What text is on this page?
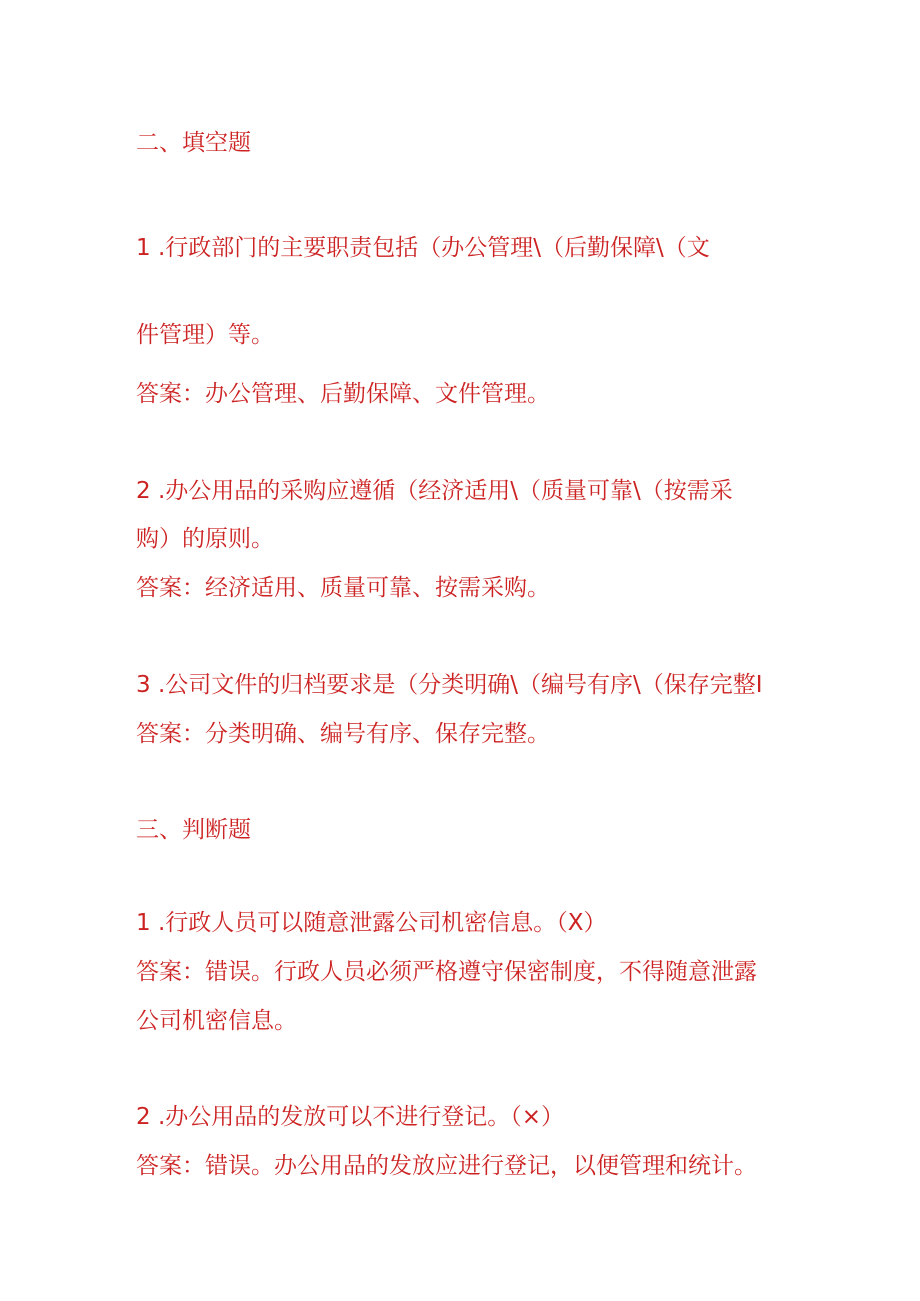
二、填空题
1 .行政部门的主要职责包括（办公管理\（后勤保障\（文
件管理）等。
答案：办公管理、后勤保障、文件管理。
2 .办公用品的采购应遵循（经济适用\（质量可靠\（按需采
购）的原则。
答案：经济适用、质量可靠、按需采购。
3 .公司文件的归档要求是（分类明确\（编号有序\（保存完整I
答案：分类明确、编号有序、保存完整。
三、判断题
1 .行政人员可以随意泄露公司机密信息。（X）
答案：错误。行政人员必须严格遵守保密制度，不得随意泄露
公司机密信息。
2 .办公用品的发放可以不进行登记。（×）
答案：错误。办公用品的发放应进行登记，以便管理和统计。
